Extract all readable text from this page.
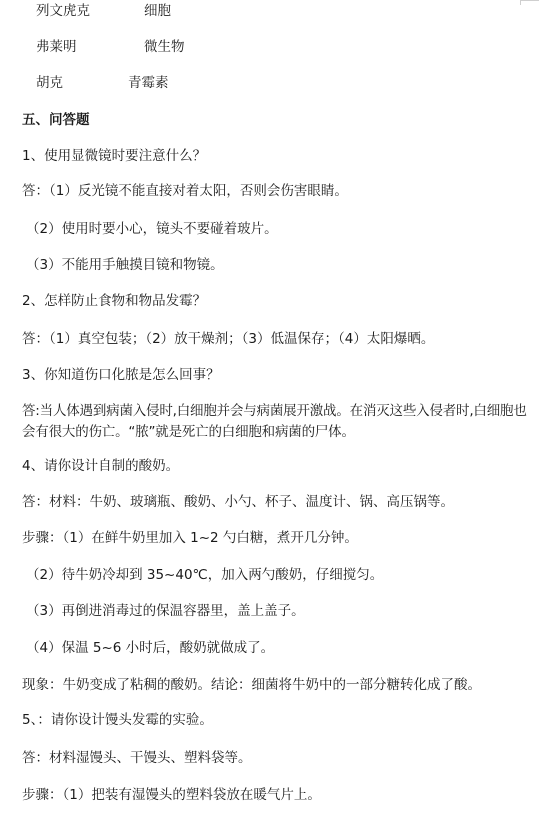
列文虎克	细胞
弗莱明	微生物
胡克	青霉素
五、问答题
1、使用显微镜时要注意什么？
答：（1）反光镜不能直接对着太阳，否则会伤害眼睛。
（2）使用时要小心，镜头不要碰着玻片。
（3）不能用手触摸目镜和物镜。
2、怎样防止食物和物品发霉？
答：（1）真空包装；（2）放干燥剂；（3）低温保存；（4）太阳爆晒。
3、你知道伤口化脓是怎么回事？
答:当人体遇到病菌入侵时,白细胞并会与病菌展开激战。在消灭这些入侵者时,白细胞也会有很大的伤亡。“脓”就是死亡的白细胞和病菌的尸体。
4、请你设计自制的酸奶。
答：材料：牛奶、玻璃瓶、酸奶、小勺、杯子、温度计、锅、高压锅等。
步骤：（1）在鲜牛奶里加入 1~2 勺白糖，煮开几分钟。
（2）待牛奶冷却到 35~40℃，加入两勺酸奶，仔细搅匀。
（3）再倒进消毒过的保温容器里，盖上盖子。
（4）保温 5~6 小时后，酸奶就做成了。
现象：牛奶变成了粘稠的酸奶。结论：细菌将牛奶中的一部分糖转化成了酸。
5、：请你设计馒头发霉的实验。
答：材料湿馒头、干馒头、塑料袋等。
步骤：（1）把装有湿馒头的塑料袋放在暖气片上。
